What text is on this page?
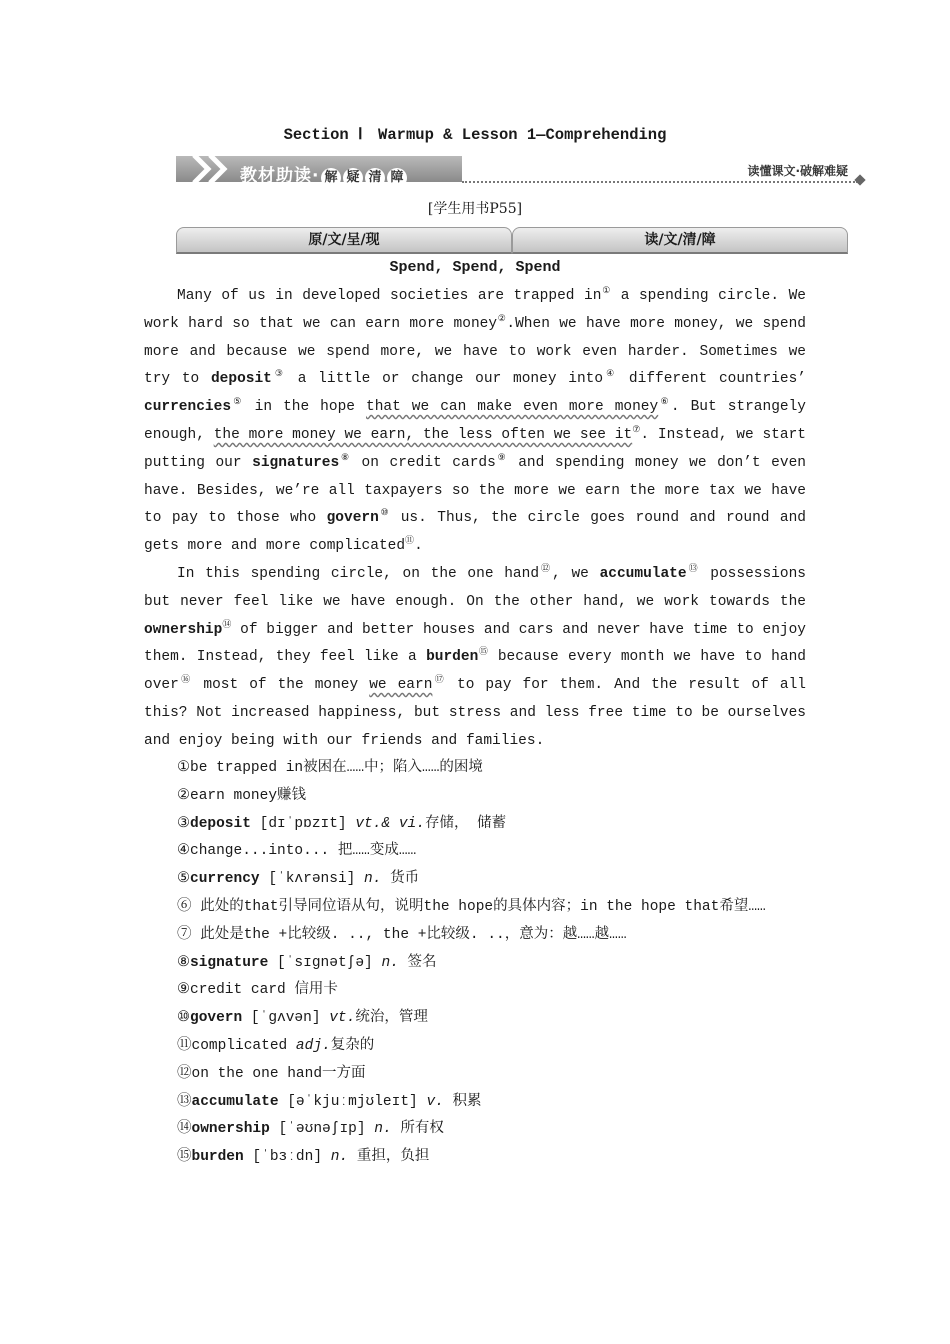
Section Ⅰ　Warmup & Lesson 1—Comprehending
教材助读· 解 疑 清 障	读懂课文·破解难疑
[学生用书P55]
原/文/呈/现	读/文/清/障
Spend, Spend, Spend

Many of us in developed societies are trapped in① a spending circle. We work hard so that we can earn more money②.When we have more money, we spend more and because we spend more, we have to work even harder. Sometimes we try to deposit③ a little or change our money into④ different countries’ currencies⑤ in the hope that we can make even more money⑥. But strangely enough, the more money we earn, the less often we see it⑦. Instead, we start putting our signatures⑧ on credit cards⑨ and spending money we don’t even have. Besides, we’re all taxpayers so the more we earn the more tax we have to pay to those who govern⑩ us. Thus, the circle goes round and round and gets more and more complicated⑪.

In this spending circle, on the one hand⑫, we accumulate⑬ possessions but never feel like we have enough. On the other hand, we work towards the ownership⑭ of bigger and better houses and cars and never have time to enjoy them. Instead, they feel like a burden⑮ because every month we have to hand over⑯ most of the money we earn⑰ to pay for them. And the result of all this? Not increased happiness, but stress and less free time to be ourselves and enjoy being with our friends and families.

①be trapped in被困在……中；陷入……的困境
②earn money赚钱
③deposit [dɪˈpɒzɪt] vt.& vi.存储， 储蓄
④change...into... 把……变成……
⑤currency [ˈkʌrənsi] n. 货币
⑥ 此处的that引导同位语从句，说明the hope的具体内容；in the hope that希望……
⑦ 此处是the +比较级. .., the +比较级. ..，意为：越……越……
⑧signature [ˈsɪgnətʃə] n. 签名
⑨credit card 信用卡
⑩govern [ˈgʌvən] vt.统治，管理
⑪complicated adj.复杂的
⑫on the one hand一方面
⑬accumulate [əˈkjuːmjʊleɪt] v. 积累
⑭ownership [ˈəʊnəʃɪp] n. 所有权
⑮burden [ˈbɜːdn] n. 重担，负担
